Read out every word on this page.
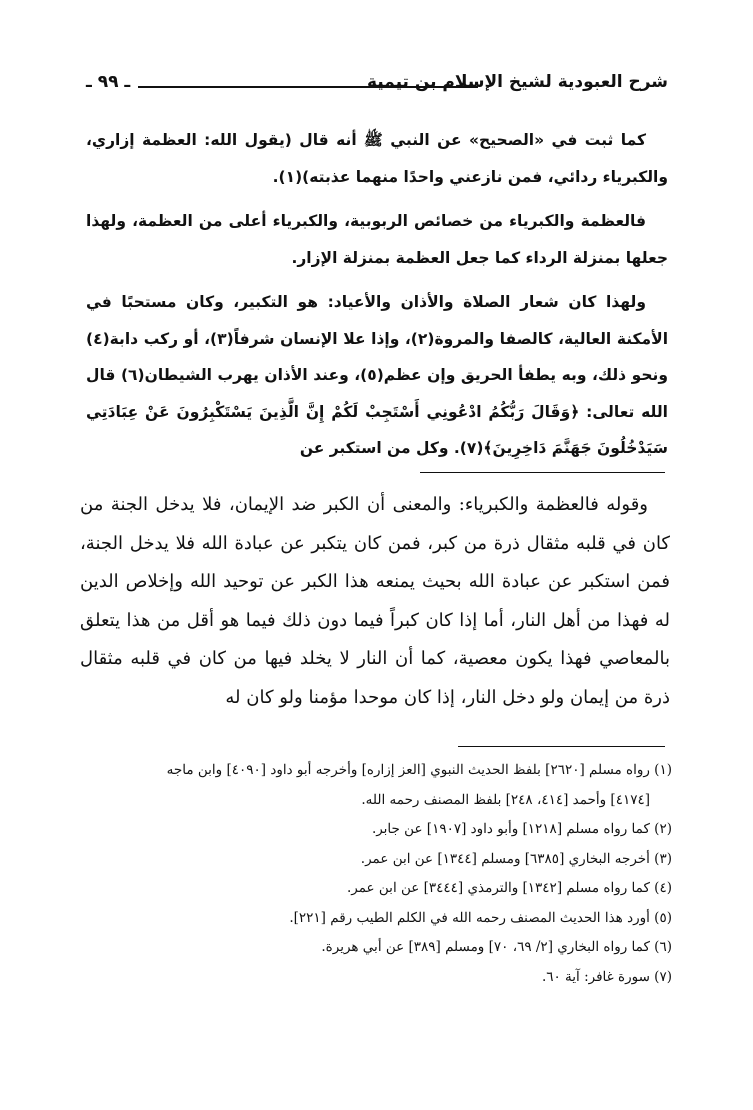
شرح العبودية لشيخ الإسلام بن تيمية
ـ ٩٩ ـ

كما ثبت في «الصحيح» عن النبي ﷺ أنه قال (يقول الله: العظمة إزاري، والكبرياء ردائي، فمن نازعني واحدًا منهما عذبته)(١).

فالعظمة والكبرياء من خصائص الربوبية، والكبرياء أعلى من العظمة، ولهذا جعلها بمنزلة الرداء كما جعل العظمة بمنزلة الإزار.

ولهذا كان شعار الصلاة والأذان والأعياد: هو التكبير، وكان مستحبًا في الأمكنة العالية، كالصفا والمروة(٢)، وإذا علا الإنسان شرفاً(٣)، أو ركب دابة(٤) ونحو ذلك، وبه يطفأ الحريق وإن عظم(٥)، وعند الأذان يهرب الشيطان(٦) قال الله تعالى: ﴿وَقَالَ رَبُّكُمُ ادْعُونِي أَسْتَجِبْ لَكُمْ إِنَّ الَّذِينَ يَسْتَكْبِرُونَ عَنْ عِبَادَتِي سَيَدْخُلُونَ جَهَنَّمَ دَاخِرِينَ﴾(٧). وكل من استكبر عن

وقوله فالعظمة والكبرياء: والمعنى أن الكبر ضد الإيمان، فلا يدخل الجنة من كان في قلبه مثقال ذرة من كبر، فمن كان يتكبر عن عبادة الله فلا يدخل الجنة، فمن استكبر عن عبادة الله بحيث يمنعه هذا الكبر عن توحيد الله وإخلاص الدين له فهذا من أهل النار، أما إذا كان كبراً فيما دون ذلك فيما هو أقل من هذا يتعلق بالمعاصي فهذا يكون معصية، كما أن النار لا يخلد فيها من كان في قلبه مثقال ذرة من إيمان ولو دخل النار، إذا كان موحدا مؤمنا ولو كان له

(١) رواه مسلم [٢٦٢٠] بلفظ الحديث النبوي [العز إزاره] وأخرجه أبو داود [٤٠٩٠] وابن ماجه

[٤١٧٤] وأحمد [٤١٤، ٢٤٨] بلفظ المصنف رحمه الله.

(٢) كما رواه مسلم [١٢١٨] وأبو داود [١٩٠٧] عن جابر.

(٣) أخرجه البخاري [٦٣٨٥] ومسلم [١٣٤٤] عن ابن عمر.

(٤) كما رواه مسلم [١٣٤٢] والترمذي [٣٤٤٤] عن ابن عمر.

(٥) أورد هذا الحديث المصنف رحمه الله في الكلم الطيب رقم [٢٢١].

(٦) كما رواه البخاري [٢/ ٦٩، ٧٠] ومسلم [٣٨٩] عن أبي هريرة.

(٧) سورة غافر: آية ٦٠.
